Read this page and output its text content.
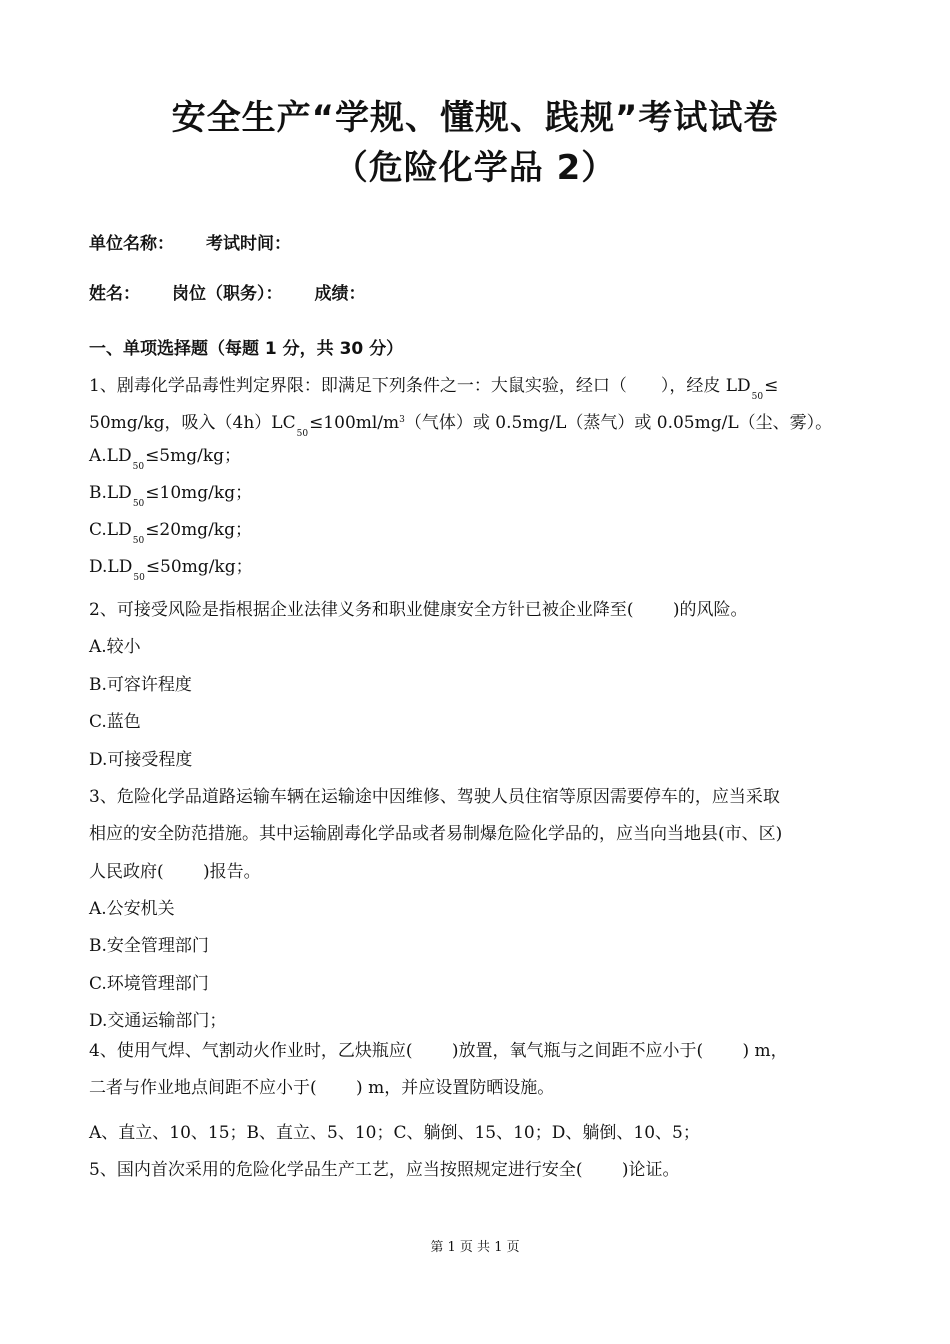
安全生产“学规、懂规、践规”考试试卷
（危险化学品 2）
单位名称： 考试时间：
姓名： 岗位（职务）： 成绩：
一、单项选择题（每题 1 分，共 30 分）
1、剧毒化学品毒性判定界限：即满足下列条件之一：大鼠实验，经口（　　），经皮 $LD_{50}\le$
50mg/kg，吸入$(4h)LC_{50}\le 100ml/m^3$（气体）或 0.5mg/L（蒸气）或 0.05mg/L（尘、雾）。
$A.LD_{50}\le 5mg/kg$；
$B.LD_{50}\le 10mg/kg$；
$C.LD_{50}\le 20mg/kg$；
$D.LD_{50}\le 50mg/kg$；
2、可接受风险是指根据企业法律义务和职业健康安全方针已被企业降至(　　 )的风险。
A.较小
B.可容许程度
C.蓝色
D.可接受程度
3、危险化学品道路运输车辆在运输途中因维修、驾驶人员住宿等原因需要停车的，应当采取
相应的安全防范措施。其中运输剧毒化学品或者易制爆危险化学品的，应当向当地县(市、区)
人民政府(　　 )报告。
A.公安机关
B.安全管理部门
C.环境管理部门
D.交通运输部门；
4、使用气焊、气割动火作业时，乙炔瓶应(　　 )放置，氧气瓶与之间距不应小于(　　 ) m，
二者与作业地点间距不应小于(　　 ) m，并应设置防晒设施。
A、直立、10、15；B、直立、5、10；C、躺倒、15、10；D、躺倒、10、5；
5、国内首次采用的危险化学品生产工艺，应当按照规定进行安全(　　 )论证。
第 1 页 共 1 页
